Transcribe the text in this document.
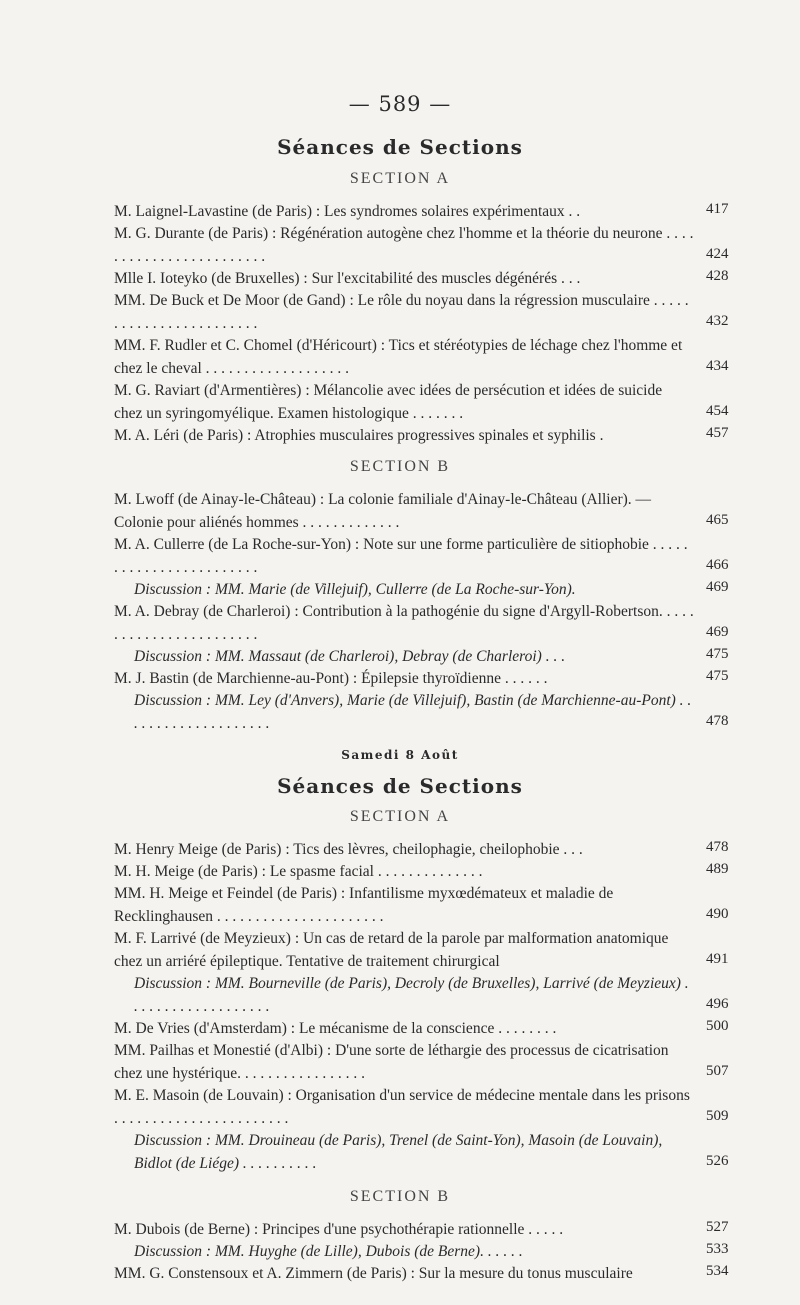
— 589 —
Séances de Sections
SECTION A
M. Laignel-Lavastine (de Paris) : Les syndromes solaires expérimentaux . .	417
M. G. Durante (de Paris) : Régénération autogène chez l'homme et la théorie du neurone . . . . . . . . . . . . . . . . . . . . . . . .	424
Mlle I. Ioteyko (de Bruxelles) : Sur l'excitabilité des muscles dégénérés . . .	428
MM. De Buck et De Moor (de Gand) : Le rôle du noyau dans la régression musculaire . . . . . . . . . . . . . . . . . . . . . . . .	432
MM. F. Rudler et C. Chomel (d'Héricourt) : Tics et stéréotypies de léchage chez l'homme et chez le cheval . . . . . . . . . . . . . . . . . . .	434
M. G. Raviart (d'Armentières) : Mélancolie avec idées de persécution et idées de suicide chez un syringomyélique. Examen histologique . . . . . . .	454
M. A. Léri (de Paris) : Atrophies musculaires progressives spinales et syphilis .	457
SECTION B
M. Lwoff (de Ainay-le-Château) : La colonie familiale d'Ainay-le-Château (Allier). — Colonie pour aliénés hommes . . . . . . . . . . . . .	465
M. A. Cullerre (de La Roche-sur-Yon) : Note sur une forme particulière de sitiophobie . . . . . . . . . . . . . . . . . . . . . . . .	466
Discussion : MM. Marie (de Villejuif), Cullerre (de La Roche-sur-Yon).	469
M. A. Debray (de Charleroi) : Contribution à la pathogénie du signe d'Argyll-Robertson. . . . . . . . . . . . . . . . . . . . . . . .	469
Discussion : MM. Massaut (de Charleroi), Debray (de Charleroi) . . .	475
M. J. Bastin (de Marchienne-au-Pont) : Épilepsie thyroïdienne . . . . . .	475
Discussion : MM. Ley (d'Anvers), Marie (de Villejuif), Bastin (de Marchienne-au-Pont) . . . . . . . . . . . . . . . . . . . .	478
Samedi 8 Août
Séances de Sections
SECTION A
M. Henry Meige (de Paris) : Tics des lèvres, cheilophagie, cheilophobie . . .	478
M. H. Meige (de Paris) : Le spasme facial . . . . . . . . . . . . . .	489
MM. H. Meige et Feindel (de Paris) : Infantilisme myxœdémateux et maladie de Recklinghausen . . . . . . . . . . . . . . . . . . . . . .	490
M. F. Larrivé (de Meyzieux) : Un cas de retard de la parole par malformation anatomique chez un arriéré épileptique. Tentative de traitement chirurgical	491
Discussion : MM. Bourneville (de Paris), Decroly (de Bruxelles), Larrivé (de Meyzieux) . . . . . . . . . . . . . . . . . . .	496
M. De Vries (d'Amsterdam) : Le mécanisme de la conscience . . . . . . . .	500
MM. Pailhas et Monestié (d'Albi) : D'une sorte de léthargie des processus de cicatrisation chez une hystérique. . . . . . . . . . . . . . . . .	507
M. E. Masoin (de Louvain) : Organisation d'un service de médecine mentale dans les prisons . . . . . . . . . . . . . . . . . . . . . . .	509
Discussion : MM. Drouineau (de Paris), Trenel (de Saint-Yon), Masoin (de Louvain), Bidlot (de Liége) . . . . . . . . . .	526
SECTION B
M. Dubois (de Berne) : Principes d'une psychothérapie rationnelle . . . . .	527
Discussion : MM. Huyghe (de Lille), Dubois (de Berne). . . . . .	533
MM. G. Constensoux et A. Zimmern (de Paris) : Sur la mesure du tonus musculaire	534
